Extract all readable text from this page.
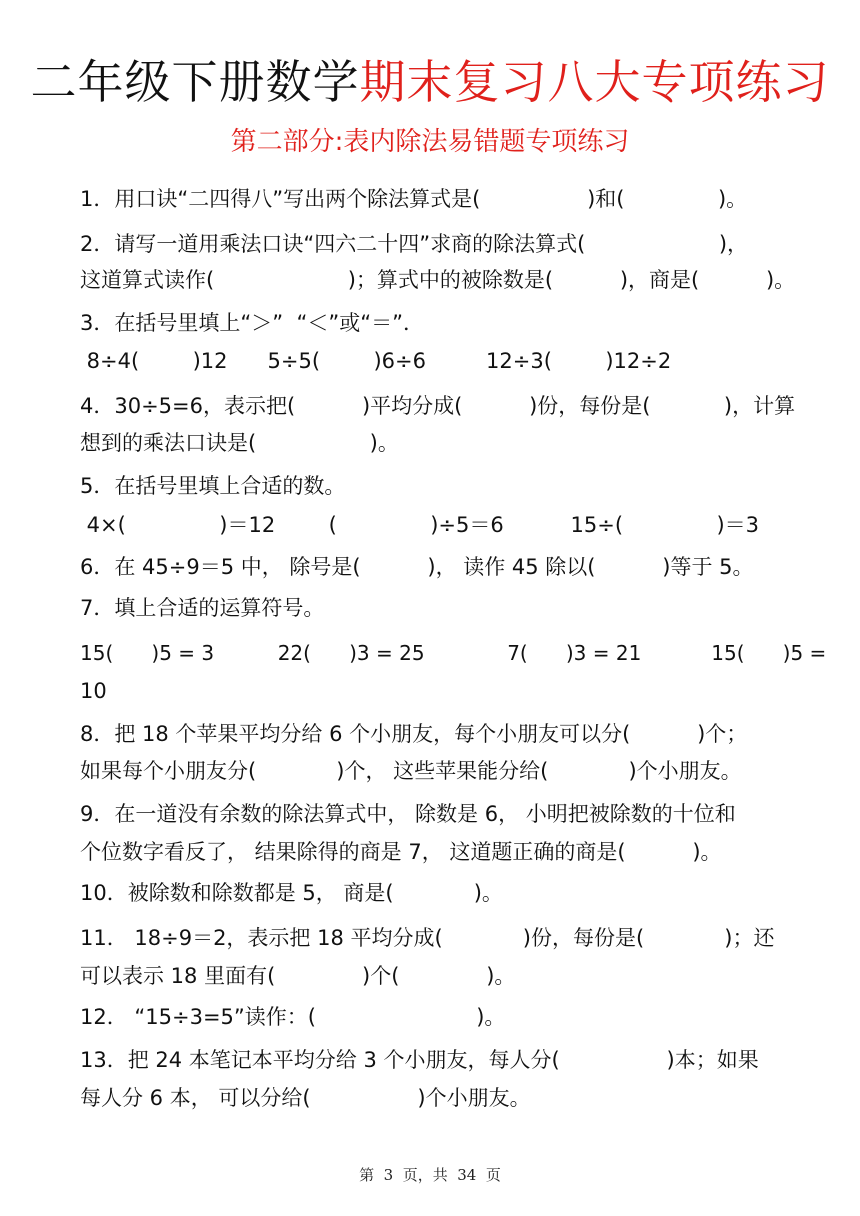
二年级下册数学期末复习八大专项练习
第二部分:表内除法易错题专项练习
1．用口诀“二四得八”写出两个除法算式是(                )和(              )。
2．请写一道用乘法口诀“四六二十四”求商的除法算式(                    )，
这道算式读作(                    )；算式中的被除数是(          )，商是(          )。
3．在括号里填上“＞”  “＜”或“＝”．
8÷4(        )12      5÷5(        )6÷6         12÷3(        )12÷2
4．30÷5=6，表示把(          )平均分成(          )份，每份是(           )，计算
想到的乘法口诀是(                 )。
5．在括号里填上合适的数。
4×(              )＝12        (              )÷5＝6          15÷(              )＝3
6．在 45÷9＝5 中， 除号是(          )， 读作 45 除以(          )等于 5。
7．填上合适的运算符号。
15(      )5 = 3          22(      )3 = 25             7(      )3 = 21           15(      )5 =
10
8．把 18 个苹果平均分给 6 个小朋友，每个小朋友可以分(          )个；
如果每个小朋友分(            )个， 这些苹果能分给(            )个小朋友。
9．在一道没有余数的除法算式中， 除数是 6， 小明把被除数的十位和
个位数字看反了， 结果除得的商是 7， 这道题正确的商是(          )。
10．被除数和除数都是 5， 商是(            )。
11． 18÷9＝2，表示把 18 平均分成(            )份，每份是(            )；还
可以表示 18 里面有(             )个(             )。
12． “15÷3=5”读作：(                        )。
13．把 24 本笔记本平均分给 3 个小朋友，每人分(                )本；如果
每人分 6 本， 可以分给(                )个小朋友。
第  3  页，共  34  页
